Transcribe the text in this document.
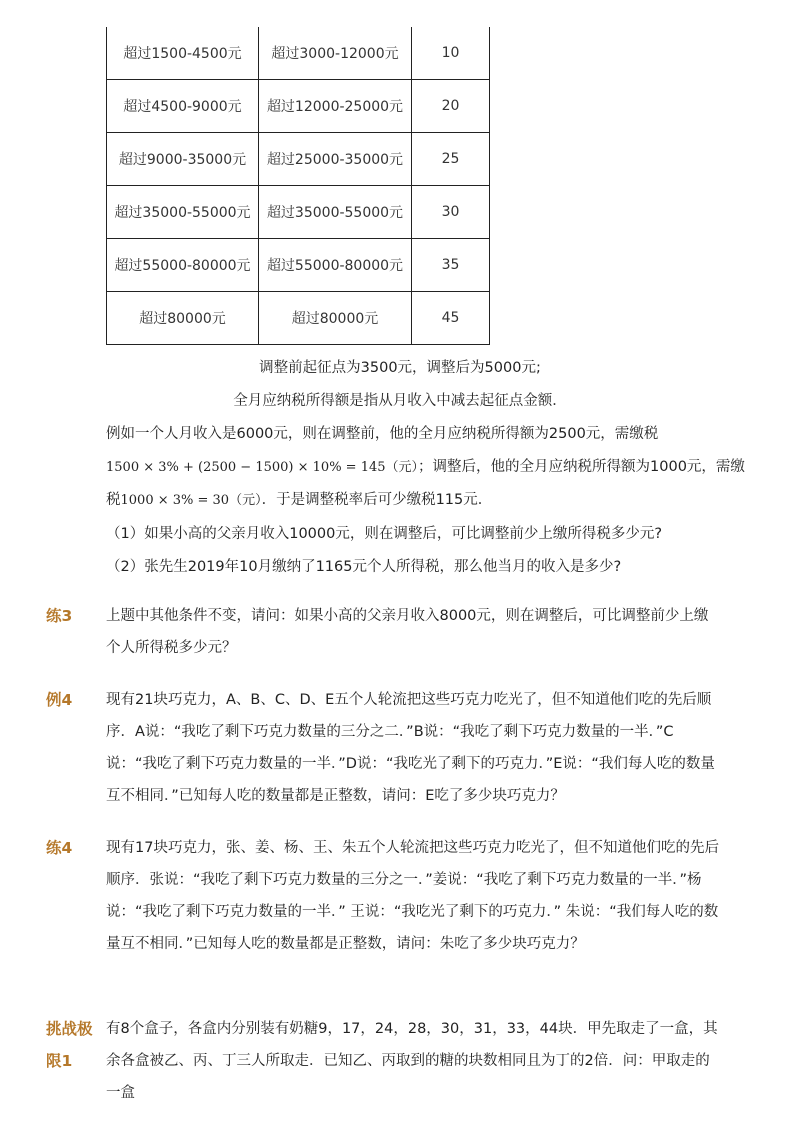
超过1500-4500元	超过3000-12000元	10
超过4500-9000元	超过12000-25000元	20
超过9000-35000元	超过25000-35000元	25
超过35000-55000元	超过35000-55000元	30
超过55000-80000元	超过55000-80000元	35
超过80000元	超过80000元	45
调整前起征点为3500元，调整后为5000元;
全月应纳税所得额是指从月收入中减去起征点金额．
例如一个人月收入是6000元，则在调整前，他的全月应纳税所得额为2500元，需缴税
1500 × 3% + (2500 − 1500) × 10% = 145（元）；调整后，他的全月应纳税所得额为1000元，需缴
税1000 × 3% = 30（元）．于是调整税率后可少缴税115元．
（1）如果小高的父亲月收入10000元，则在调整后，可比调整前少上缴所得税多少元?
（2）张先生2019年10月缴纳了1165元个人所得税，那么他当月的收入是多少?
练3	上题中其他条件不变，请问：如果小高的父亲月收入8000元，则在调整后，可比调整前少上缴个人所得税多少元？

例4	现有21块巧克力，A、B、C、D、E五个人轮流把这些巧克力吃光了，但不知道他们吃的先后顺序．A说：“我吃了剩下巧克力数量的三分之二．”B说：“我吃了剩下巧克力数量的一半．”C说：“我吃了剩下巧克力数量的一半．”D说：“我吃光了剩下的巧克力．”E说：“我们每人吃的数量互不相同．”已知每人吃的数量都是正整数，请问：E吃了多少块巧克力？

练4	现有17块巧克力，张、姜、杨、王、朱五个人轮流把这些巧克力吃光了，但不知道他们吃的先后顺序．张说：“我吃了剩下巧克力数量的三分之一．”姜说：“我吃了剩下巧克力数量的一半．”杨说：“我吃了剩下巧克力数量的一半．” 王说：“我吃光了剩下的巧克力．” 朱说：“我们每人吃的数量互不相同．”已知每人吃的数量都是正整数，请问：朱吃了多少块巧克力？

挑战极限1

有8个盒子，各盒内分别装有奶糖9，17，24，28，30，31，33，44块．甲先取走了一盒，其余各盒被乙、丙、丁三人所取走．已知乙、丙取到的糖的块数相同且为丁的2倍．问：甲取走的一盒
